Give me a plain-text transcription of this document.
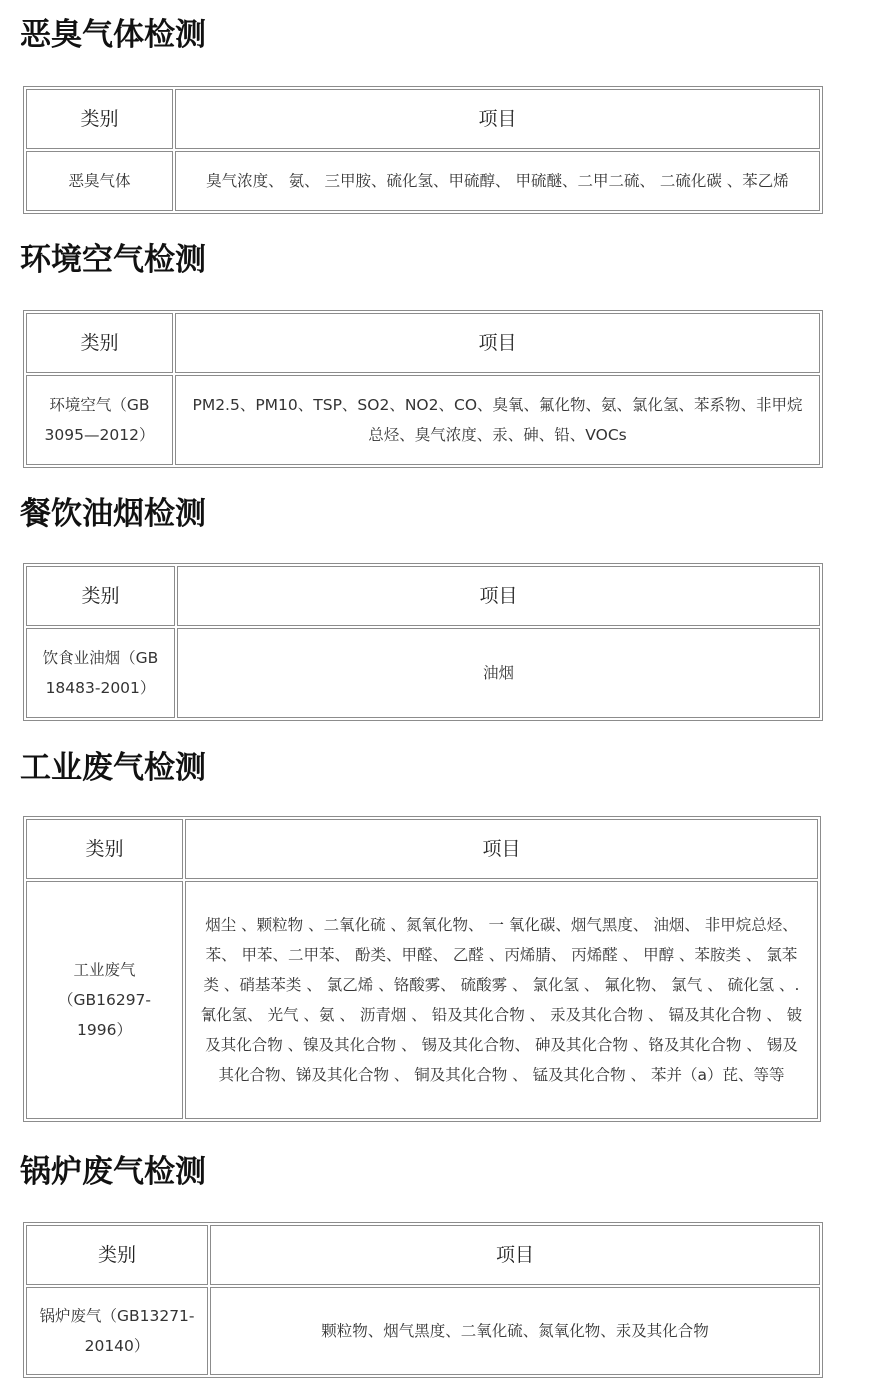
恶臭气体检测
类别	项目
恶臭气体	臭气浓度、 氨、 三甲胺、硫化氢、甲硫醇、 甲硫醚、二甲二硫、 二硫化碳 、苯乙烯
环境空气检测
类别	项目
环境空气（GB 3095—2012）	PM2.5、PM10、TSP、SO2、NO2、CO、臭氧、氟化物、氨、氯化氢、苯系物、非甲烷总烃、臭气浓度、汞、砷、铅、VOCs
餐饮油烟检测
类别	项目
饮食业油烟（GB 18483-2001）	油烟
工业废气检测
类别	项目
工业废气（GB16297-1996）	烟尘 、颗粒物 、二氧化硫 、氮氧化物、 一 氧化碳、烟气黑度、 油烟、 非甲烷总烃、 苯、 甲苯、二甲苯、 酚类、甲醛、 乙醛 、丙烯腈、 丙烯醛 、 甲醇 、苯胺类 、 氯苯类 、硝基苯类 、 氯乙烯 、铬酸雾、 硫酸雾 、 氯化氢 、 氟化物、 氯气 、 硫化氢 、. 氰化氢、 光气 、氨 、 沥青烟 、 铅及其化合物 、 汞及其化合物 、 镉及其化合物 、 铍及其化合物 、镍及其化合物 、 锡及其化合物、 砷及其化合物 、铬及其化合物 、 锡及其化合物、锑及其化合物 、 铜及其化合物 、 锰及其化合物 、 苯并（a）芘、等等
锅炉废气检测
类别	项目
锅炉废气（GB13271-20140）	颗粒物、烟气黑度、二氧化硫、氮氧化物、汞及其化合物
